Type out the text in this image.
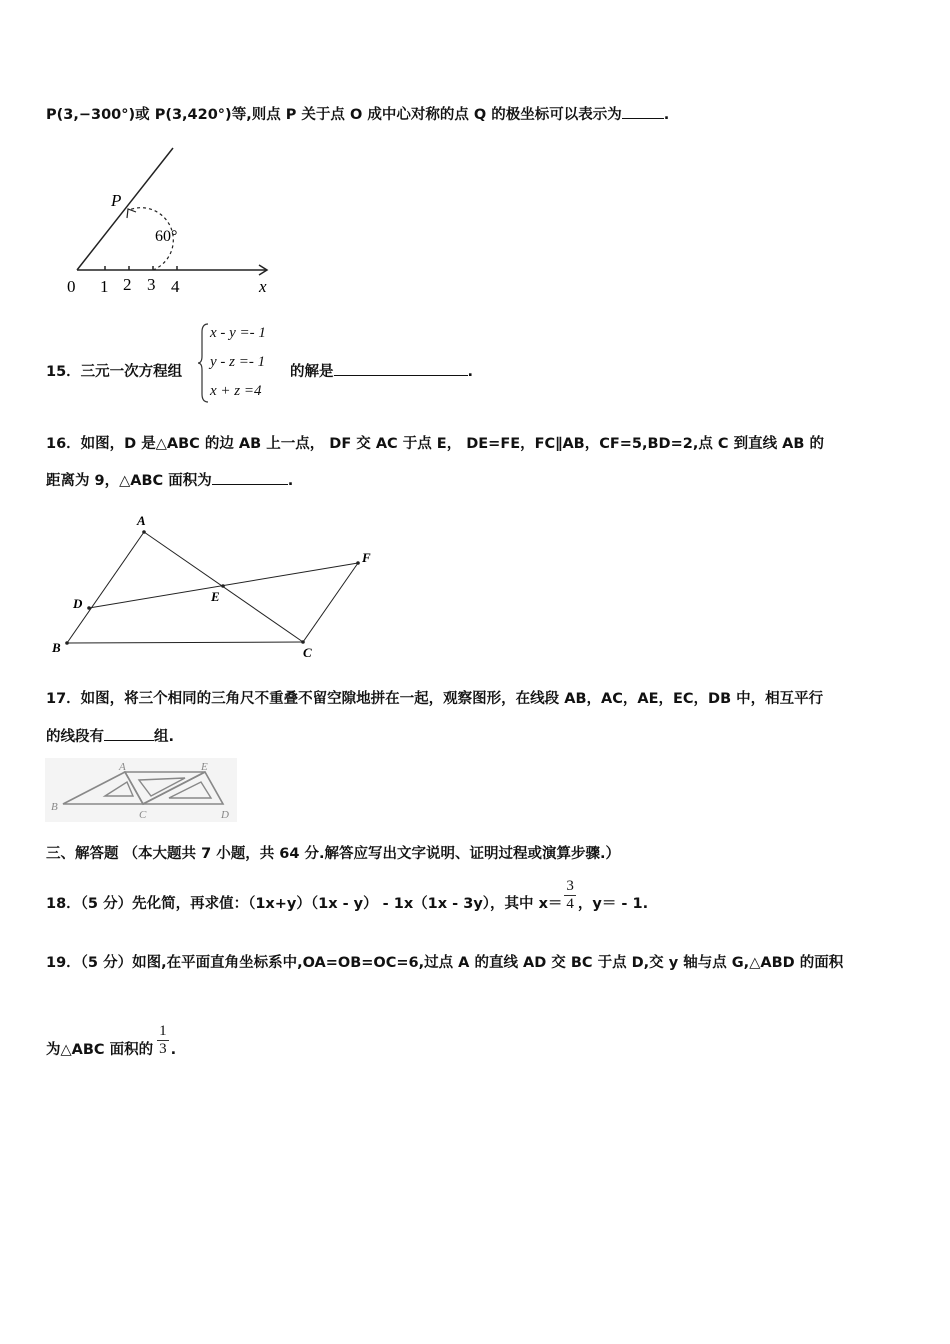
P(3,−300°)或 P(3,420°)等,则点 P 关于点 O 成中心对称的点 Q 的极坐标可以表示为	.
P
60°
x
0 1 2 3 4
15．三元一次方程组
x - y =- 1
y - z =- 1
x + z =4
的解是	.
16．如图，D 是△ABC 的边 AB 上一点， DF 交 AC 于点 E， DE=FE，FC∥AB，CF=5,BD=2,点 C 到直线 AB 的
距离为 9，△ABC 面积为	.
A
B	C
D	E
F
17．如图，将三个相同的三角尺不重叠不留空隙地拼在一起，观察图形，在线段 AB，AC，AE，EC，DB 中，相互平行
的线段有	组.
A
B
C	D
E
三、解答题 （本大题共 7 小题，共 64 分.解答应写出文字说明、证明过程或演算步骤.）
18．（5 分）先化简，再求值：（1x+y）（1x - y） - 1x（1x - 3y），其中 $x= \frac{3}{4}$ ，y＝ - 1.
19．（5 分）如图,在平面直角坐标系中,OA=OB=OC=6,过点 A 的直线 AD 交 BC 于点 D,交 y 轴与点 G,△ABD 的面积
为△ABC 面积的 $\frac{1}{3}$ .
